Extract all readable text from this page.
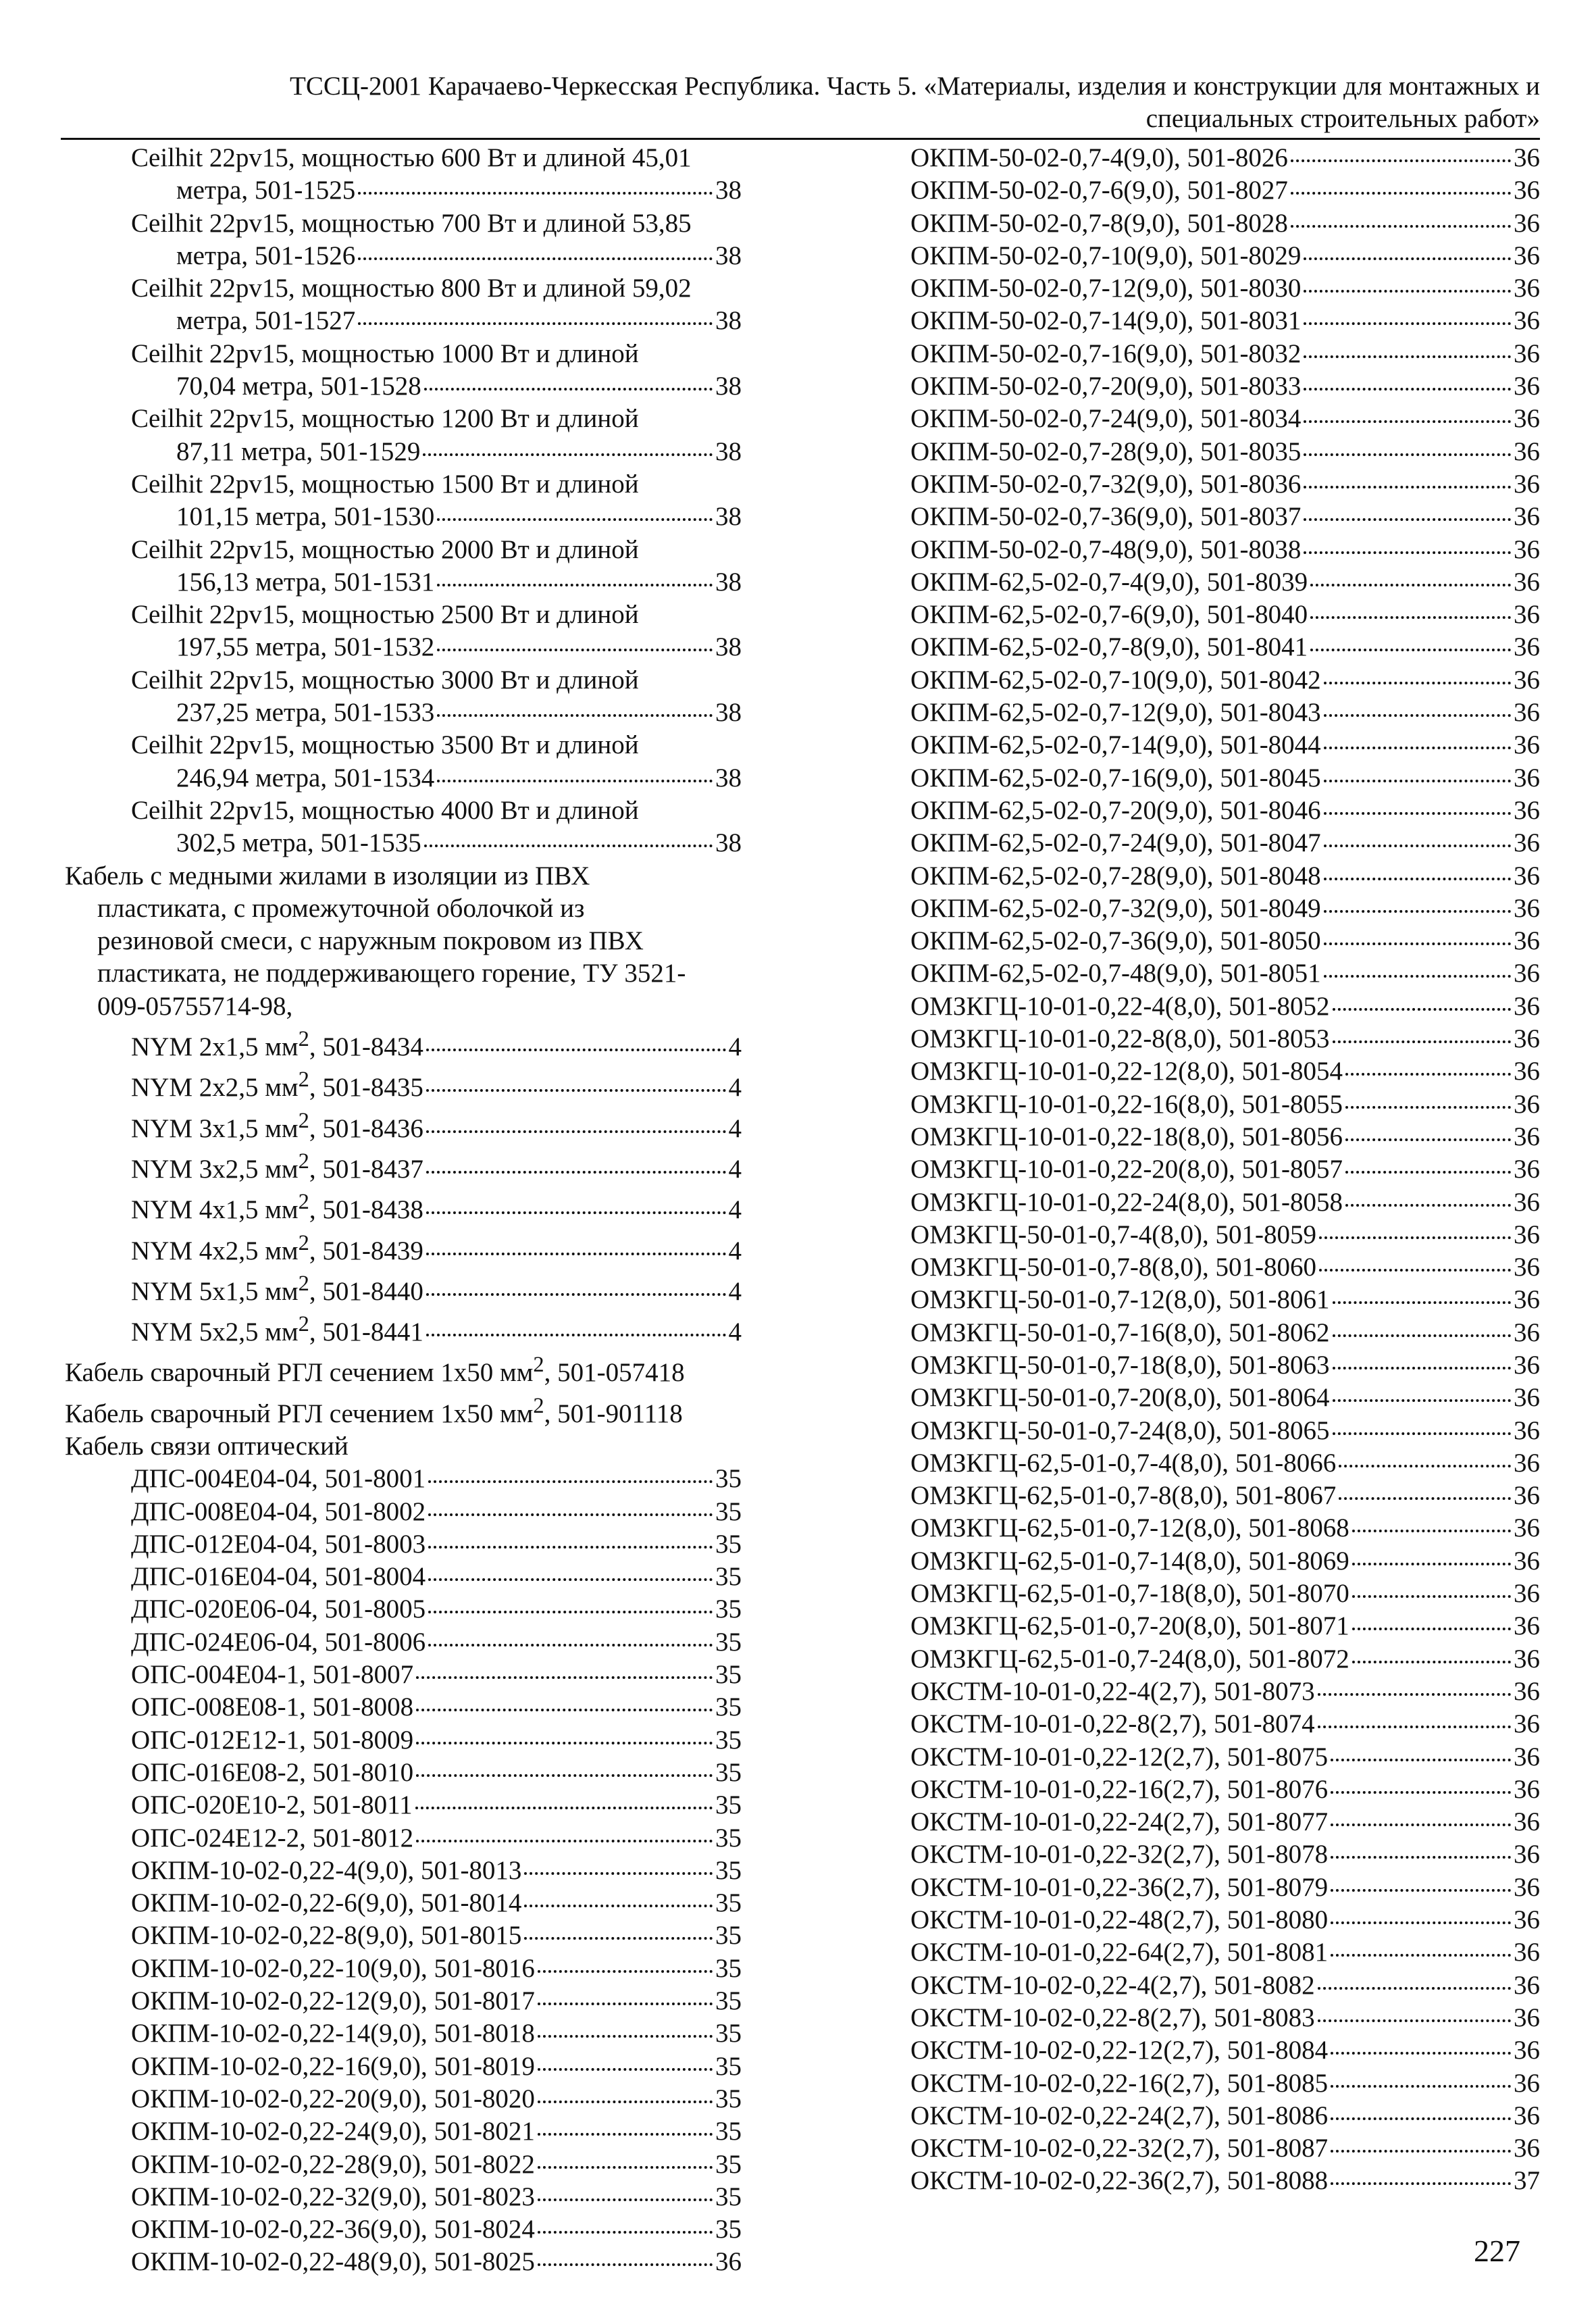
ТССЦ-2001 Карачаево-Черкесская Республика. Часть 5. «Материалы, изделия и конструкции для монтажных и
специальных строительных работ»
Ceilhit 22pv15, мощностью 600 Вт и длиной 45,01
метра, 501-1525	38
Ceilhit 22pv15, мощностью 700 Вт и длиной 53,85
метра, 501-1526	38
Ceilhit 22pv15, мощностью 800 Вт и длиной 59,02
метра, 501-1527	38
Ceilhit 22pv15, мощностью 1000 Вт и длиной
70,04 метра, 501-1528	38
Ceilhit 22pv15, мощностью 1200 Вт и длиной
87,11 метра, 501-1529	38
Ceilhit 22pv15, мощностью 1500 Вт и длиной
101,15 метра, 501-1530	38
Ceilhit 22pv15, мощностью 2000 Вт и длиной
156,13 метра, 501-1531	38
Ceilhit 22pv15, мощностью 2500 Вт и длиной
197,55 метра, 501-1532	38
Ceilhit 22pv15, мощностью 3000 Вт и длиной
237,25 метра, 501-1533	38
Ceilhit 22pv15, мощностью 3500 Вт и длиной
246,94 метра, 501-1534	38
Ceilhit 22pv15, мощностью 4000 Вт и длиной
302,5 метра, 501-1535	38
Кабель с медными жилами в изоляции из ПВХ
пластиката, с промежуточной оболочкой из
резиновой смеси, с наружным покровом из ПВХ
пластиката, не поддерживающего горение, ТУ 3521-
009-05755714-98,
NYM 2x1,5 $мм^2$, 501-8434	4
NYM 2x2,5 $мм^2$, 501-8435	4
NYM 3x1,5 $мм^2$, 501-8436	4
NYM 3x2,5 $мм^2$, 501-8437	4
NYM 4x1,5 $мм^2$, 501-8438	4
NYM 4x2,5 $мм^2$, 501-8439	4
NYM 5x1,5 $мм^2$, 501-8440	4
NYM 5x2,5 $мм^2$, 501-8441	4
Кабель сварочный РГЛ сечением 1x50 $мм^2$, 501-057418
Кабель сварочный РГЛ сечением 1x50 $мм^2$, 501-901118
Кабель связи оптический
ДПС-004Е04-04, 501-8001	35
ДПС-008Е04-04, 501-8002	35
ДПС-012Е04-04, 501-8003	35
ДПС-016Е04-04, 501-8004	35
ДПС-020Е06-04, 501-8005	35
ДПС-024Е06-04, 501-8006	35
ОПС-004Е04-1, 501-8007	35
ОПС-008Е08-1, 501-8008	35
ОПС-012Е12-1, 501-8009	35
ОПС-016Е08-2, 501-8010	35
ОПС-020Е10-2, 501-8011	35
ОПС-024Е12-2, 501-8012	35
ОКПМ-10-02-0,22-4(9,0), 501-8013	35
ОКПМ-10-02-0,22-6(9,0), 501-8014	35
ОКПМ-10-02-0,22-8(9,0), 501-8015	35
ОКПМ-10-02-0,22-10(9,0), 501-8016	35
ОКПМ-10-02-0,22-12(9,0), 501-8017	35
ОКПМ-10-02-0,22-14(9,0), 501-8018	35
ОКПМ-10-02-0,22-16(9,0), 501-8019	35
ОКПМ-10-02-0,22-20(9,0), 501-8020	35
ОКПМ-10-02-0,22-24(9,0), 501-8021	35
ОКПМ-10-02-0,22-28(9,0), 501-8022	35
ОКПМ-10-02-0,22-32(9,0), 501-8023	35
ОКПМ-10-02-0,22-36(9,0), 501-8024	35
ОКПМ-10-02-0,22-48(9,0), 501-8025	36
ОКПМ-50-02-0,7-4(9,0), 501-8026	36
ОКПМ-50-02-0,7-6(9,0), 501-8027	36
ОКПМ-50-02-0,7-8(9,0), 501-8028	36
ОКПМ-50-02-0,7-10(9,0), 501-8029	36
ОКПМ-50-02-0,7-12(9,0), 501-8030	36
ОКПМ-50-02-0,7-14(9,0), 501-8031	36
ОКПМ-50-02-0,7-16(9,0), 501-8032	36
ОКПМ-50-02-0,7-20(9,0), 501-8033	36
ОКПМ-50-02-0,7-24(9,0), 501-8034	36
ОКПМ-50-02-0,7-28(9,0), 501-8035	36
ОКПМ-50-02-0,7-32(9,0), 501-8036	36
ОКПМ-50-02-0,7-36(9,0), 501-8037	36
ОКПМ-50-02-0,7-48(9,0), 501-8038	36
ОКПМ-62,5-02-0,7-4(9,0), 501-8039	36
ОКПМ-62,5-02-0,7-6(9,0), 501-8040	36
ОКПМ-62,5-02-0,7-8(9,0), 501-8041	36
ОКПМ-62,5-02-0,7-10(9,0), 501-8042	36
ОКПМ-62,5-02-0,7-12(9,0), 501-8043	36
ОКПМ-62,5-02-0,7-14(9,0), 501-8044	36
ОКПМ-62,5-02-0,7-16(9,0), 501-8045	36
ОКПМ-62,5-02-0,7-20(9,0), 501-8046	36
ОКПМ-62,5-02-0,7-24(9,0), 501-8047	36
ОКПМ-62,5-02-0,7-28(9,0), 501-8048	36
ОКПМ-62,5-02-0,7-32(9,0), 501-8049	36
ОКПМ-62,5-02-0,7-36(9,0), 501-8050	36
ОКПМ-62,5-02-0,7-48(9,0), 501-8051	36
ОМЗКГЦ-10-01-0,22-4(8,0), 501-8052	36
ОМЗКГЦ-10-01-0,22-8(8,0), 501-8053	36
ОМЗКГЦ-10-01-0,22-12(8,0), 501-8054	36
ОМЗКГЦ-10-01-0,22-16(8,0), 501-8055	36
ОМЗКГЦ-10-01-0,22-18(8,0), 501-8056	36
ОМЗКГЦ-10-01-0,22-20(8,0), 501-8057	36
ОМЗКГЦ-10-01-0,22-24(8,0), 501-8058	36
ОМЗКГЦ-50-01-0,7-4(8,0), 501-8059	36
ОМЗКГЦ-50-01-0,7-8(8,0), 501-8060	36
ОМЗКГЦ-50-01-0,7-12(8,0), 501-8061	36
ОМЗКГЦ-50-01-0,7-16(8,0), 501-8062	36
ОМЗКГЦ-50-01-0,7-18(8,0), 501-8063	36
ОМЗКГЦ-50-01-0,7-20(8,0), 501-8064	36
ОМЗКГЦ-50-01-0,7-24(8,0), 501-8065	36
ОМЗКГЦ-62,5-01-0,7-4(8,0), 501-8066	36
ОМЗКГЦ-62,5-01-0,7-8(8,0), 501-8067	36
ОМЗКГЦ-62,5-01-0,7-12(8,0), 501-8068	36
ОМЗКГЦ-62,5-01-0,7-14(8,0), 501-8069	36
ОМЗКГЦ-62,5-01-0,7-18(8,0), 501-8070	36
ОМЗКГЦ-62,5-01-0,7-20(8,0), 501-8071	36
ОМЗКГЦ-62,5-01-0,7-24(8,0), 501-8072	36
ОКСТМ-10-01-0,22-4(2,7), 501-8073	36
ОКСТМ-10-01-0,22-8(2,7), 501-8074	36
ОКСТМ-10-01-0,22-12(2,7), 501-8075	36
ОКСТМ-10-01-0,22-16(2,7), 501-8076	36
ОКСТМ-10-01-0,22-24(2,7), 501-8077	36
ОКСТМ-10-01-0,22-32(2,7), 501-8078	36
ОКСТМ-10-01-0,22-36(2,7), 501-8079	36
ОКСТМ-10-01-0,22-48(2,7), 501-8080	36
ОКСТМ-10-01-0,22-64(2,7), 501-8081	36
ОКСТМ-10-02-0,22-4(2,7), 501-8082	36
ОКСТМ-10-02-0,22-8(2,7), 501-8083	36
ОКСТМ-10-02-0,22-12(2,7), 501-8084	36
ОКСТМ-10-02-0,22-16(2,7), 501-8085	36
ОКСТМ-10-02-0,22-24(2,7), 501-8086	36
ОКСТМ-10-02-0,22-32(2,7), 501-8087	36
ОКСТМ-10-02-0,22-36(2,7), 501-8088	37
227
